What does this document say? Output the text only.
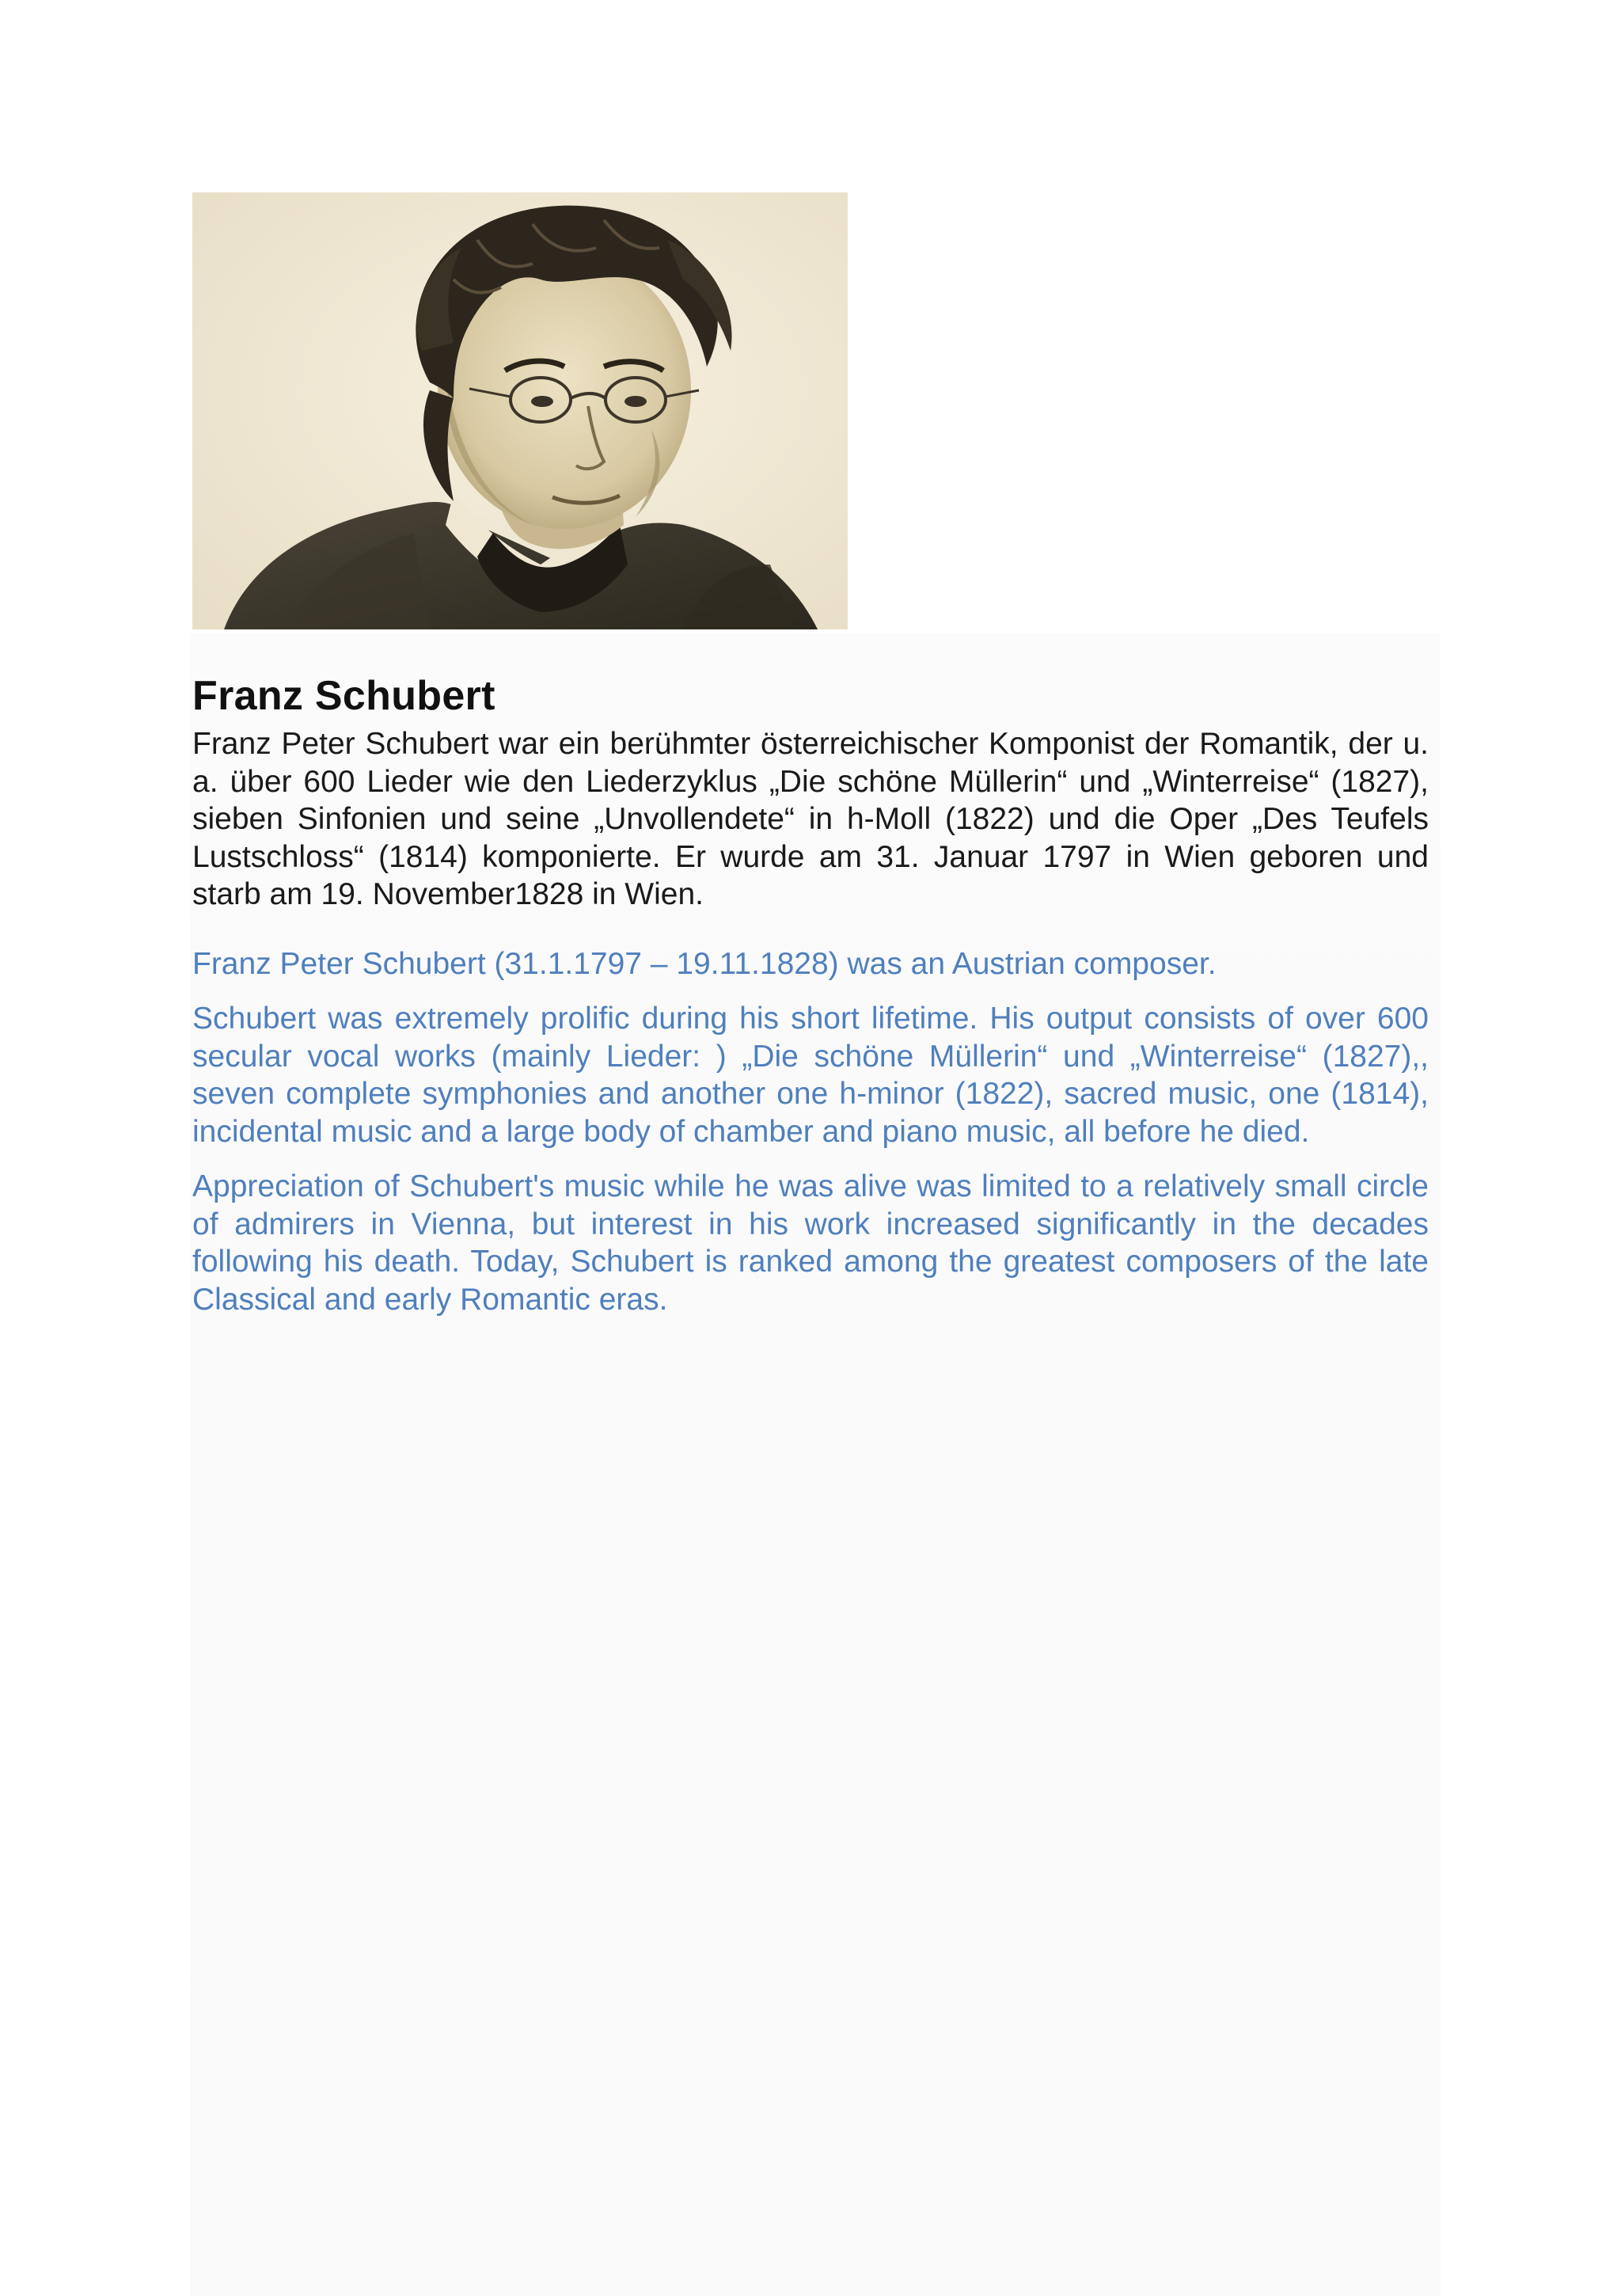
Franz Schubert

Franz Peter Schubert war ein berühmter österreichischer Komponist der Romantik, der u. a. über 600 Lieder wie den Liederzyklus „Die schöne Müllerin“ und „Winterreise“ (1827), sieben Sinfonien und seine „Unvollendete“ in h-Moll (1822) und die Oper „Des Teufels Lustschloss“ (1814) komponierte. Er wurde am 31. Januar 1797 in Wien geboren und starb am 19. November1828 in Wien.

Franz Peter Schubert (31.1.1797 – 19.11.1828) was an Austrian composer.

Schubert was extremely prolific during his short lifetime. His output consists of over 600 secular vocal works (mainly Lieder: ) „Die schöne Müllerin“ und „Winterreise“ (1827),, seven complete symphonies and another one h-minor (1822), sacred music, one (1814), incidental music and a large body of chamber and piano music, all before he died.

Appreciation of Schubert's music while he was alive was limited to a relatively small circle of admirers in Vienna, but interest in his work increased significantly in the decades following his death. Today, Schubert is ranked among the greatest composers of the late Classical and early Romantic eras.
